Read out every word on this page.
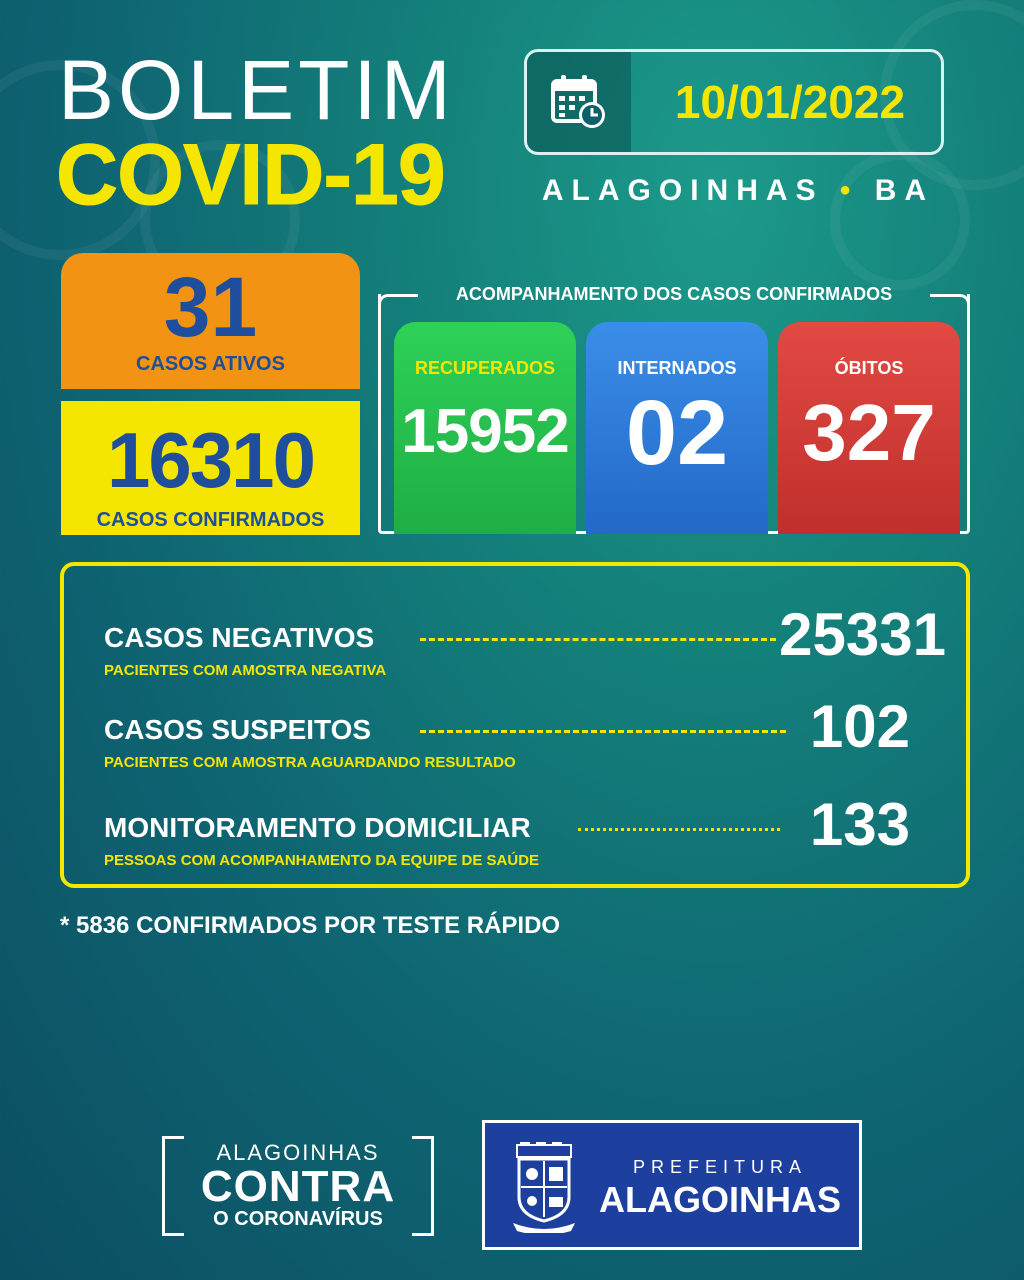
BOLETIM
COVID-19
10/01/2022
ALAGOINHAS • BA
31
CASOS ATIVOS
16310
CASOS CONFIRMADOS
ACOMPANHAMENTO DOS CASOS CONFIRMADOS
RECUPERADOS
15952
INTERNADOS
02
ÓBITOS
327
CASOS NEGATIVOS
PACIENTES COM AMOSTRA NEGATIVA
25331
CASOS SUSPEITOS
PACIENTES COM AMOSTRA AGUARDANDO RESULTADO
102
MONITORAMENTO DOMICILIAR
PESSOAS COM ACOMPANHAMENTO DA EQUIPE DE SAÚDE
133
* 5836 CONFIRMADOS POR TESTE RÁPIDO
ALAGOINHAS
CONTRA
O CORONAVÍRUS
PREFEITURA
ALAGOINHAS
